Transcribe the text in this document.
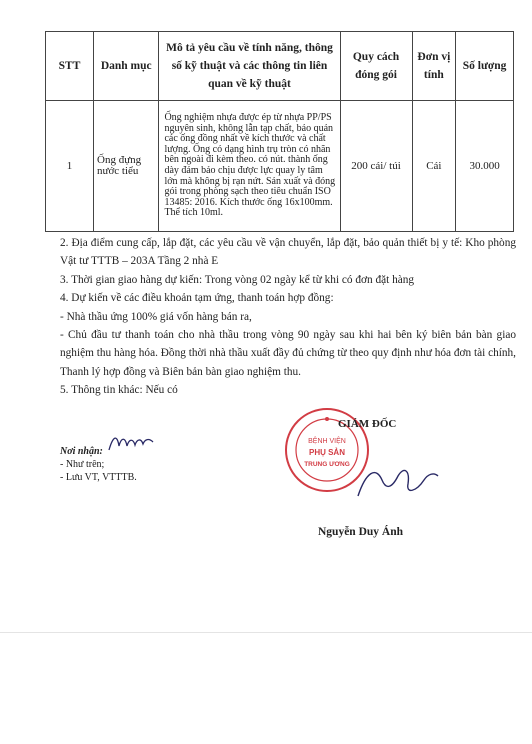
STT	Danh mục	Mô tả yêu cầu về tính năng, thông số kỹ thuật và các thông tin liên quan về kỹ thuật	Quy cách đóng gói	Đơn vị tính	Số lượng
1	Ống đựng nước tiểu	Ống nghiệm nhựa được ép từ nhựa PP/PS nguyên sinh, không lẫn tạp chất, bảo quản các ống đồng nhất về kích thước và chất lượng. Ống có dạng hình trụ tròn có nhãn bên ngoài đi kèm theo. có nút. thành ống dày đảm bảo chịu được lực quay ly tâm lớn mà không bị rạn nứt. Sản xuất và đóng gói trong phòng sạch theo tiêu chuẩn ISO 13485: 2016. Kích thước ống 16x100mm. Thể tích 10ml.	200 cái/ túi	Cái	30.000

2. Địa điểm cung cấp, lắp đặt, các yêu cầu về vận chuyển, lắp đặt, bảo quản thiết bị y tế: Kho phòng Vật tư TTTB – 203A Tầng 2 nhà E

3. Thời gian giao hàng dự kiến: Trong vòng 02 ngày kể từ khi có đơn đặt hàng

4. Dự kiến về các điều khoản tạm ứng, thanh toán hợp đồng:

- Nhà thầu ứng 100% giá vốn hàng bán ra,

- Chủ đầu tư thanh toán cho nhà thầu trong vòng 90 ngày sau khi hai bên ký biên bản bàn giao nghiệm thu hàng hóa. Đồng thời nhà thầu xuất đầy đủ chứng từ theo quy định như hóa đơn tài chính, Thanh lý hợp đồng và Biên bản bàn giao nghiệm thu.

5. Thông tin khác: Nếu có

Nơi nhận:
- Như trên;
- Lưu VT, VTTTB.
BỆNH VIỆN
PHỤ SẢN
TRUNG ƯƠNG
GIÁM ĐỐC
Nguyễn Duy Ánh
